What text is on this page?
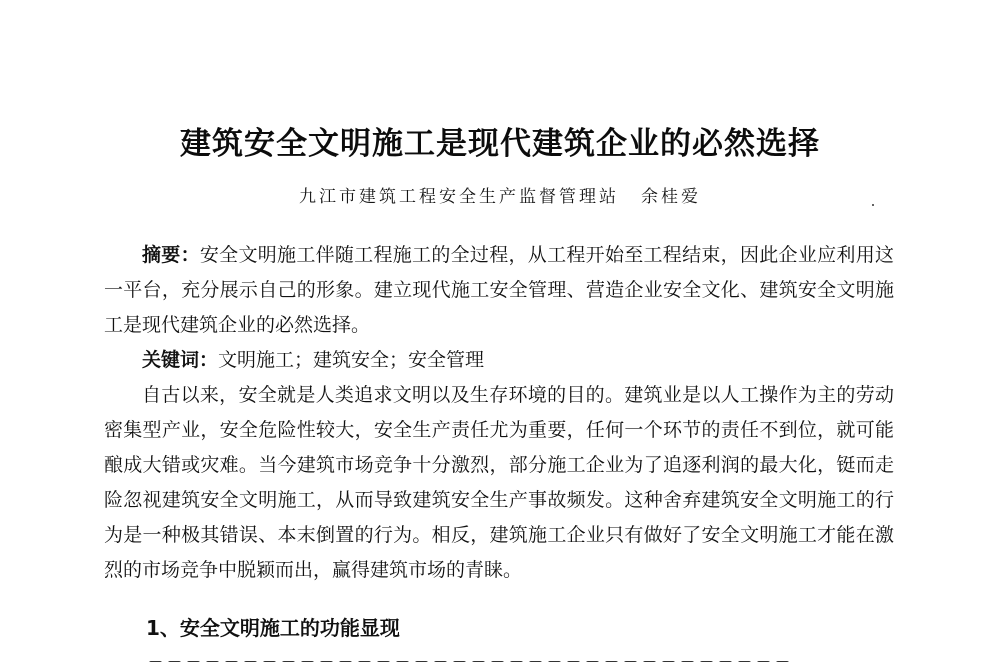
建筑安全文明施工是现代建筑企业的必然选择
九江市建筑工程安全生产监督管理站 余桂爱

摘要：安全文明施工伴随工程施工的全过程，从工程开始至工程结束，因此企业应利用这一平台，充分展示自己的形象。建立现代施工安全管理、营造企业安全文化、建筑安全文明施工是现代建筑企业的必然选择。

关键词：文明施工；建筑安全；安全管理

自古以来，安全就是人类追求文明以及生存环境的目的。建筑业是以人工操作为主的劳动密集型产业，安全危险性较大，安全生产责任尤为重要，任何一个环节的责任不到位，就可能酿成大错或灾难。当今建筑市场竞争十分激烈，部分施工企业为了追逐利润的最大化，铤而走险忽视建筑安全文明施工，从而导致建筑安全生产事故频发。这种舍弃建筑安全文明施工的行为是一种极其错误、本末倒置的行为。相反，建筑施工企业只有做好了安全文明施工才能在激烈的市场竞争中脱颖而出，赢得建筑市场的青睐。

1、安全文明施工的功能显现
